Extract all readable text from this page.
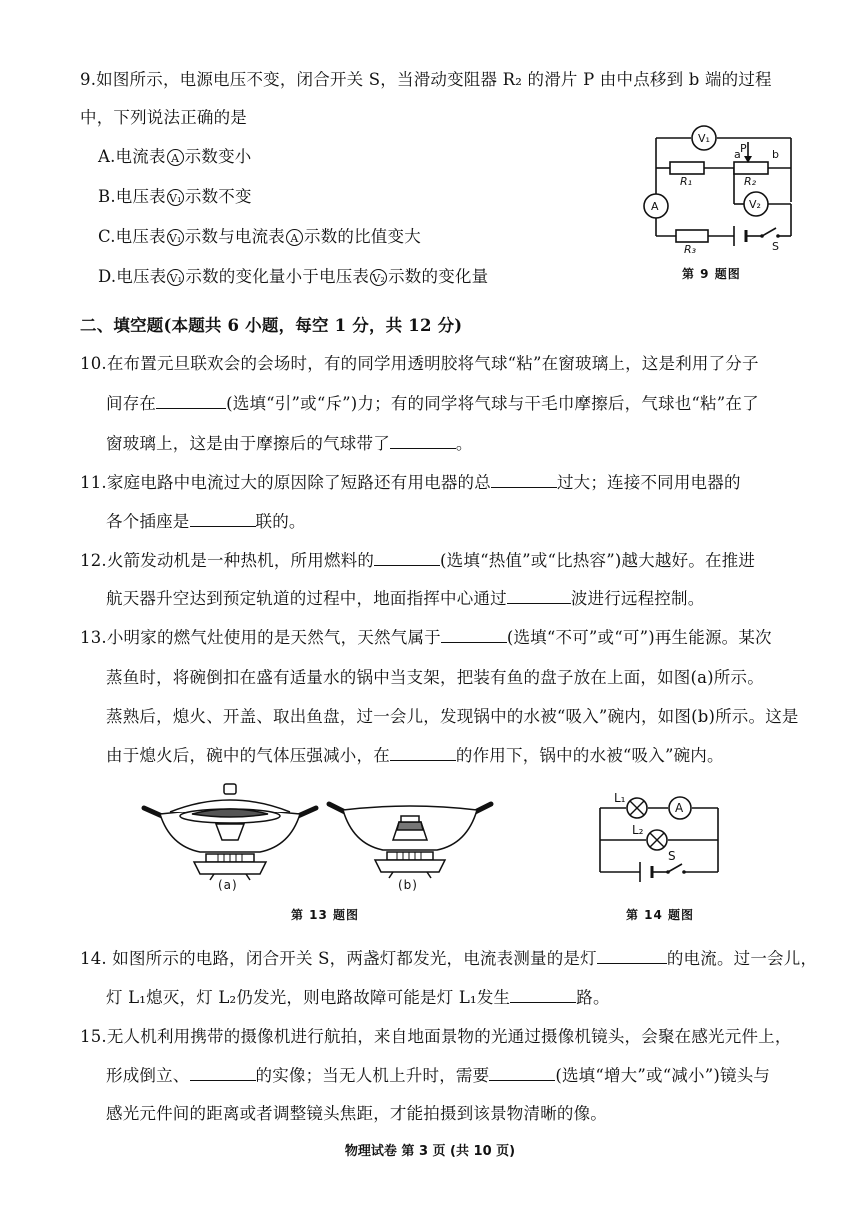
9.如图所示，电源电压不变，闭合开关 S，当滑动变阻器 R₂ 的滑片 P 由中点移到 b 端的过程
中，下列说法正确的是
A.电流表 A 示数变小
B.电压表 V₁ 示数不变
C.电压表 V₁ 示数与电流表 A 示数的比值变大
D.电压表 V₁ 示数的变化量小于电压表 V₂ 示数的变化量
V₁
A	V₂
R₁	R₂
R₃
a	b
P
S
第 9 题图
二、填空题(本题共 6 小题，每空 1 分，共 12 分)
10.在布置元旦联欢会的会场时，有的同学用透明胶将气球“粘”在窗玻璃上，这是利用了分子
间存在	(选填“引”或“斥”)力；有的同学将气球与干毛巾摩擦后，气球也“粘”在了
窗玻璃上，这是由于摩擦后的气球带了	。
11.家庭电路中电流过大的原因除了短路还有用电器的总	过大；连接不同用电器的
各个插座是	联的。
12.火箭发动机是一种热机，所用燃料的	(选填“热值”或“比热容”)越大越好。在推进
航天器升空达到预定轨道的过程中，地面指挥中心通过	波进行远程控制。
13.小明家的燃气灶使用的是天然气，天然气属于	(选填“不可”或“可”)再生能源。某次
蒸鱼时，将碗倒扣在盛有适量水的锅中当支架，把装有鱼的盘子放在上面，如图(a)所示。
蒸熟后，熄火、开盖、取出鱼盘，过一会儿，发现锅中的水被“吸入”碗内，如图(b)所示。这是
由于熄火后，碗中的气体压强减小，在	的作用下，锅中的水被“吸入”碗内。
(a)	(b)
第 13 题图
L₁
A
L₂
S
第 14 题图
14. 如图所示的电路，闭合开关 S，两盏灯都发光，电流表测量的是灯	的电流。过一会儿，
灯 L₁熄灭，灯 L₂仍发光，则电路故障可能是灯 L₁发生	路。
15.无人机利用携带的摄像机进行航拍，来自地面景物的光通过摄像机镜头，会聚在感光元件上，
形成倒立、	的实像；当无人机上升时，需要	(选填“增大”或“减小”)镜头与
感光元件间的距离或者调整镜头焦距，才能拍摄到该景物清晰的像。
物理试卷 第 3 页 (共 10 页)
